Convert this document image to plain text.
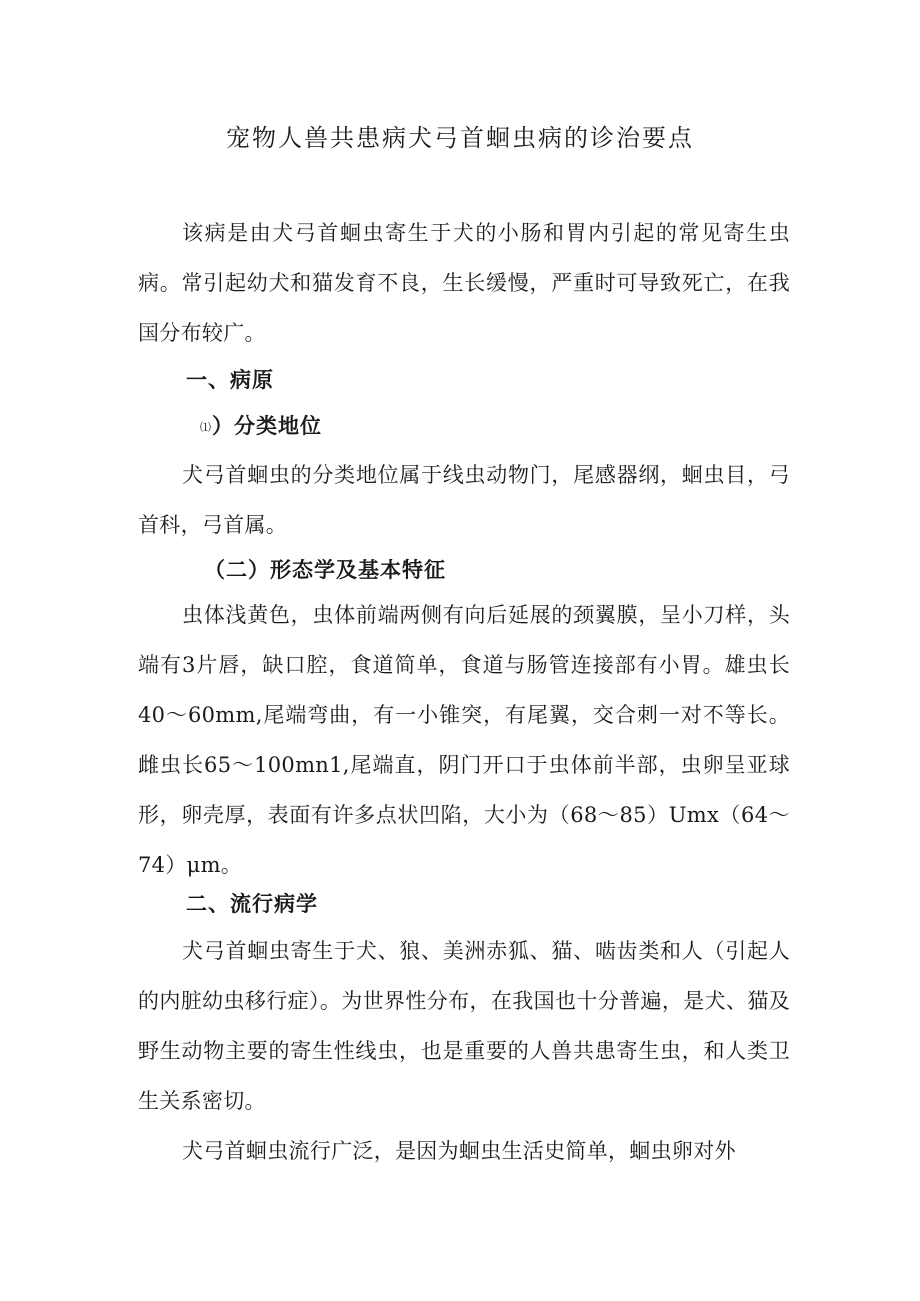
宠物人兽共患病犬弓首蛔虫病的诊治要点

该病是由犬弓首蛔虫寄生于犬的小肠和胃内引起的常见寄生虫病。常引起幼犬和猫发育不良，生长缓慢，严重时可导致死亡，在我国分布较广。

一、病原
⑴）分类地位

犬弓首蛔虫的分类地位属于线虫动物门，尾感器纲，蛔虫目，弓首科，弓首属。

（二）形态学及基本特征

虫体浅黄色，虫体前端两侧有向后延展的颈翼膜，呈小刀样，头端有3片唇，缺口腔，食道简单，食道与肠管连接部有小胃。雄虫长40～60mm,尾端弯曲，有一小锥突，有尾翼，交合刺一对不等长。雌虫长65～100mn1,尾端直，阴门开口于虫体前半部，虫卵呈亚球形，卵壳厚，表面有许多点状凹陷，大小为（68～85）Umx（64～74）μm。

二、流行病学

犬弓首蛔虫寄生于犬、狼、美洲赤狐、猫、啮齿类和人（引起人的内脏幼虫移行症）。为世界性分布，在我国也十分普遍，是犬、猫及野生动物主要的寄生性线虫，也是重要的人兽共患寄生虫，和人类卫生关系密切。

犬弓首蛔虫流行广泛，是因为蛔虫生活史简单，蛔虫卵对外
